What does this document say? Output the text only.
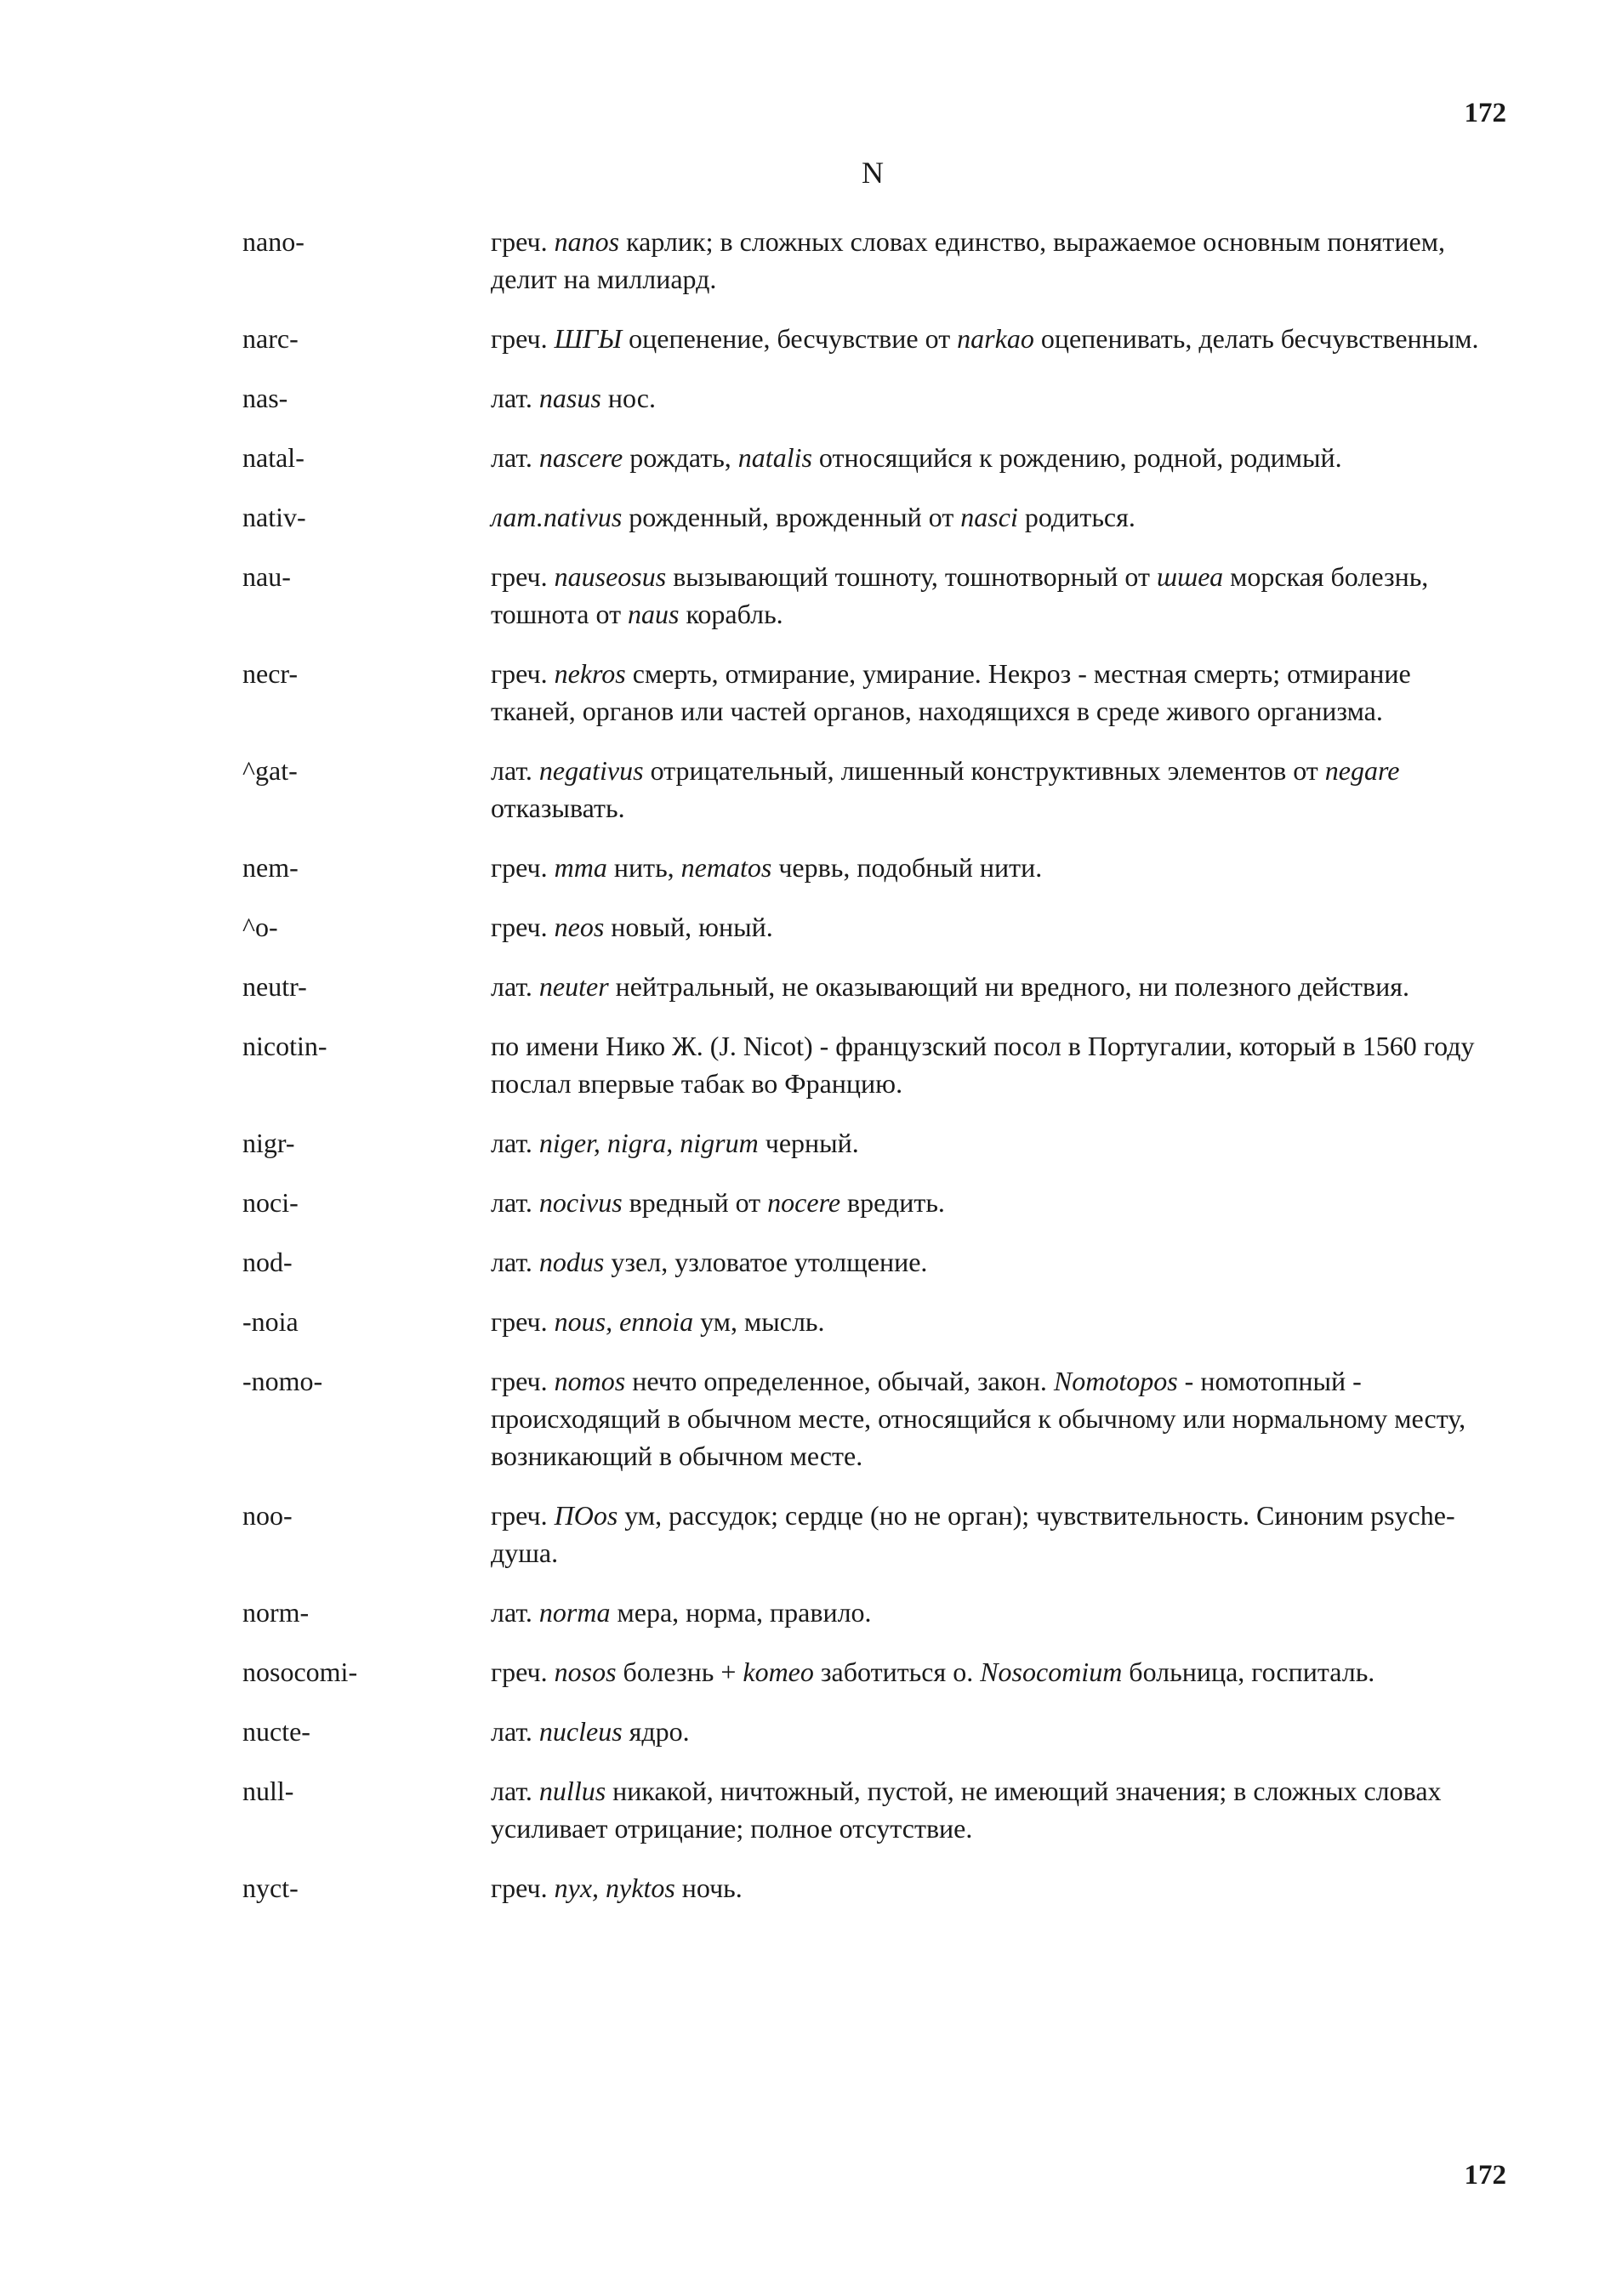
172
N
nano-	греч. nanos карлик; в сложных словах единство, выражаемое основным понятием, делит на миллиард.
narc-	греч. ШГЫ оцепенение, бесчувствие от narkao оцепенивать, делать бесчувственным.
nas-	лат. nasus нос.
natal-	лат. nascere рождать, natalis относящийся к рождению, родной, родимый.
nativ-	лат.nativus рожденный, врожденный от nasci родиться.
nau-	греч. nauseosus вызывающий тошноту, тошнотворный от шшеа морская болезнь, тошнота от naus корабль.
necr-	греч. nekros смерть, отмирание, умирание. Некроз - местная смерть; отмирание тканей, органов или частей органов, находящихся в среде живого организма.
^gat-	лат. negativus отрицательный, лишенный конструктивных элементов от negare отказывать.
nem-	греч. mma нить, nematos червь, подобный нити.
^o-	греч. neos новый, юный.
neutr-	лат. neuter нейтральный, не оказывающий ни вредного, ни полезного действия.
nicotin-	по имени Нико Ж. (J. Nicot) - французский посол в Португалии, который в 1560 году послал впервые табак во Францию.
nigr-	лат. niger, nigra, nigrum черный.
noci-	лат. nocivus вредный от nocere вредить.
nod-	лат. nodus узел, узловатое утолщение.
-noia	греч. nous, ennoia ум, мысль.
-nomo-	греч. nomos нечто определенное, обычай, закон. Nomotopos - номотопный - происходящий в обычном месте, относящийся к обычному или нормальному месту, возникающий в обычном месте.
noo-	греч. ПОоs ум, рассудок; сердце (но не орган); чувствительность. Синоним psyche-душа.
norm-	лат. norma мера, норма, правило.
nosocomi-	греч. nosos болезнь + komeo заботиться о. Nosocomium больница, госпиталь.
nucte-	лат. nucleus ядро.
null-	лат. nullus никакой, ничтожный, пустой, не имеющий значения; в сложных словах усиливает отрицание; полное отсутствие.
nyct-	греч. nyx, nyktos ночь.
172
